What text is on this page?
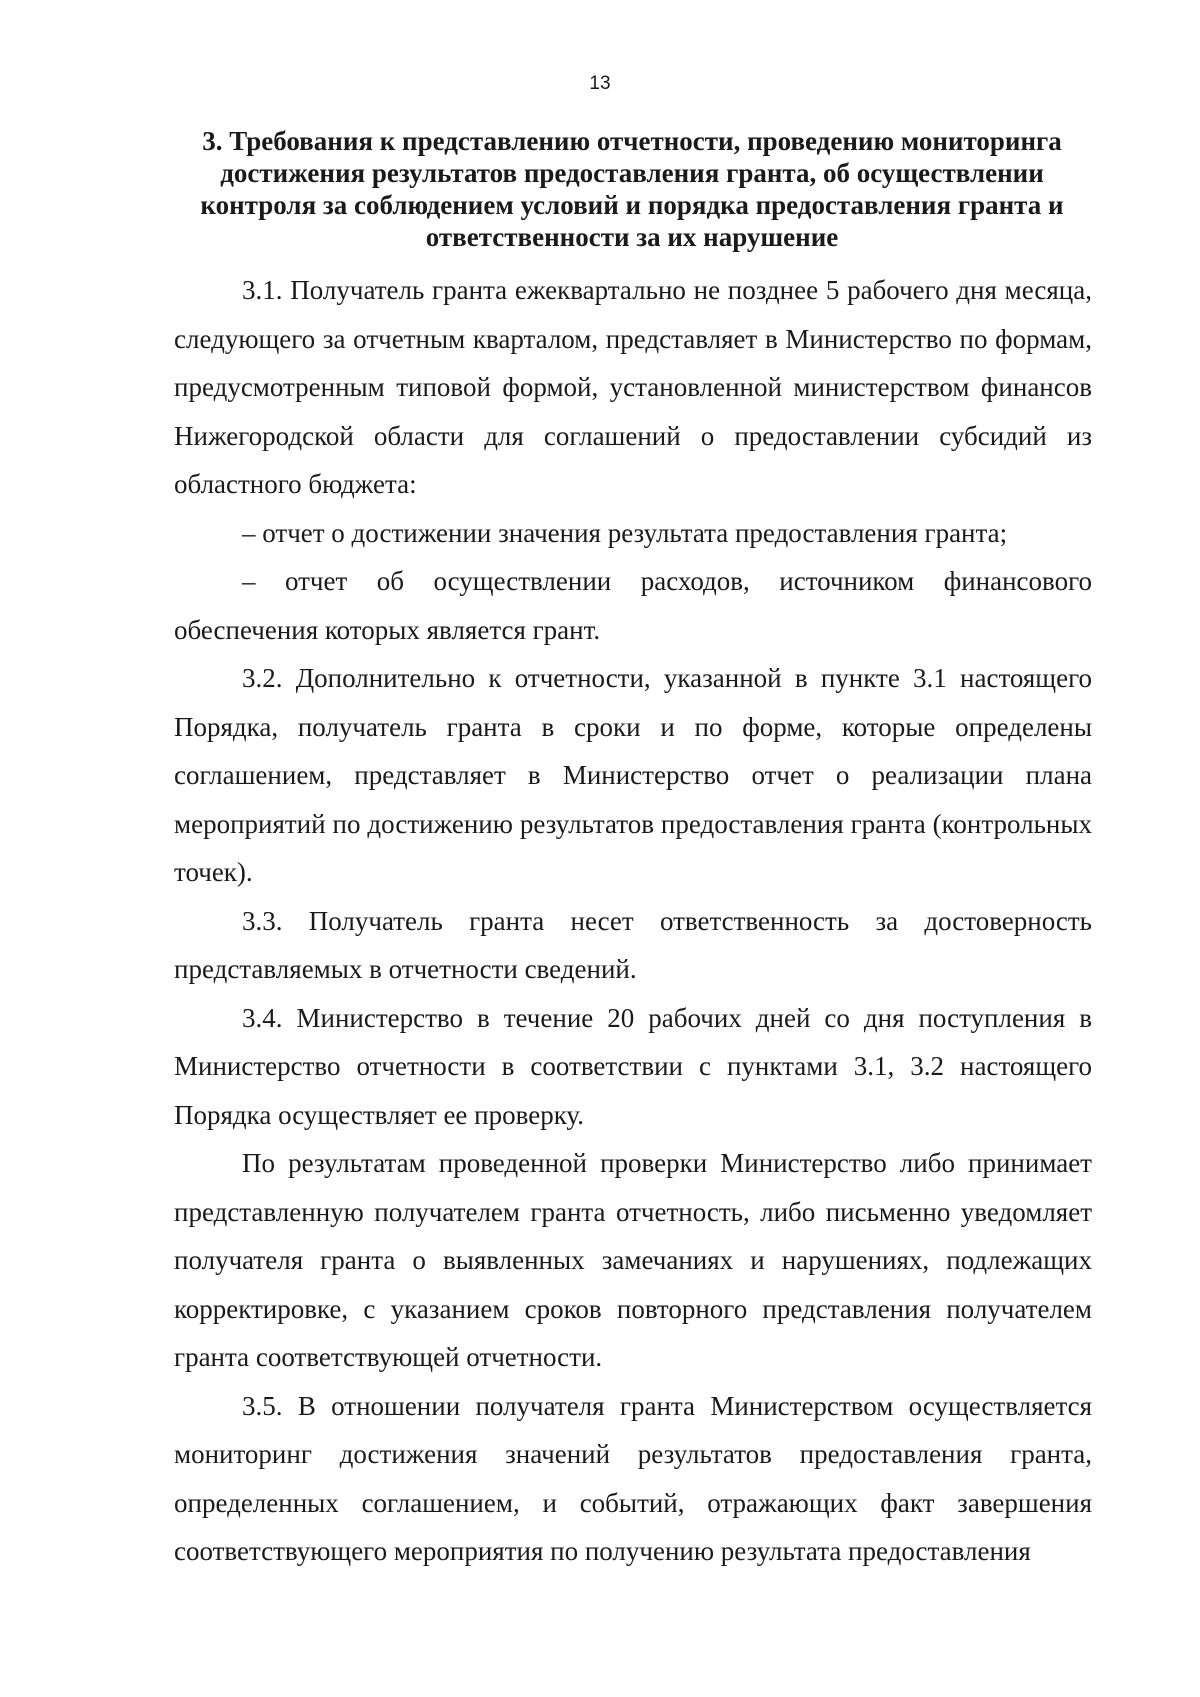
13
3. Требования к представлению отчетности, проведению мониторинга достижения результатов предоставления гранта, об осуществлении контроля за соблюдением условий и порядка предоставления гранта и ответственности за их нарушение

3.1. Получатель гранта ежеквартально не позднее 5 рабочего дня месяца, следующего за отчетным кварталом, представляет в Министерство по формам, предусмотренным типовой формой, установленной министерством финансов Нижегородской области для соглашений о предоставлении субсидий из областного бюджета:

– отчет о достижении значения результата предоставления гранта;

– отчет об осуществлении расходов, источником финансового обеспечения которых является грант.

3.2. Дополнительно к отчетности, указанной в пункте 3.1 настоящего Порядка, получатель гранта в сроки и по форме, которые определены соглашением, представляет в Министерство отчет о реализации плана мероприятий по достижению результатов предоставления гранта (контрольных точек).

3.3. Получатель гранта несет ответственность за достоверность представляемых в отчетности сведений.

3.4. Министерство в течение 20 рабочих дней со дня поступления в Министерство отчетности в соответствии с пунктами 3.1, 3.2 настоящего Порядка осуществляет ее проверку.

По результатам проведенной проверки Министерство либо принимает представленную получателем гранта отчетность, либо письменно уведомляет получателя гранта о выявленных замечаниях и нарушениях, подлежащих корректировке, с указанием сроков повторного представления получателем гранта соответствующей отчетности.

3.5. В отношении получателя гранта Министерством осуществляется мониторинг достижения значений результатов предоставления гранта, определенных соглашением, и событий, отражающих факт завершения соответствующего мероприятия по получению результата предоставления
